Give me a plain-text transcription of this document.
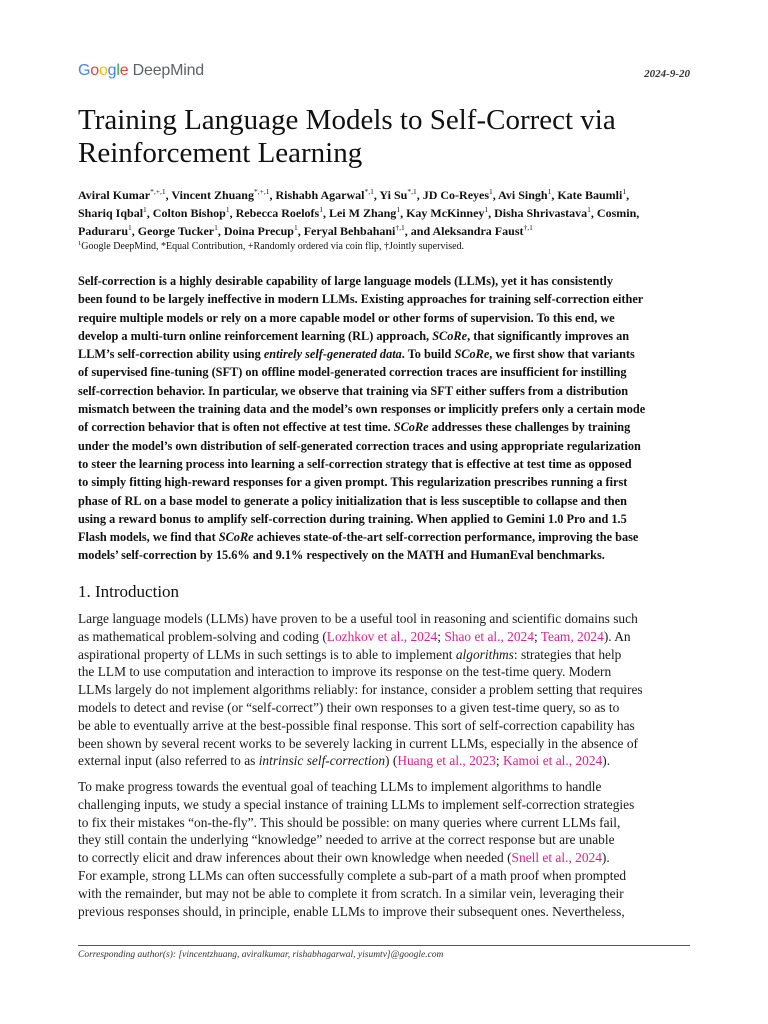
Google DeepMind	2024-9-20
Training Language Models to Self-Correct via
Reinforcement Learning
Aviral Kumar$^{*,+,1}$, Vincent Zhuang$^{*,+,1}$, Rishabh Agarwal$^{*,1}$, Yi $Su^{*,1}$, JD Co-Reyes$^1$, Avi Singh$^1$, Kate Baumli$^1$,
Shariq Iqbal$^1$, Colton Bishop$^1$, Rebecca Roelofs$^1$, Lei M Zhang$^1$, Kay McKinney$^1$, Disha Shrivastava$^1$, Cosmin,
Paduraru$^1$, George Tucker$^1$, Doina Precup$^1$, Feryal Behbahani$^{\dagger,1}$, and Aleksandra Faust$^{\dagger,1}$
$^1$Google DeepMind, *Equal Contribution, +Randomly ordered via coin flip, †Jointly supervised.
Self-correction is a highly desirable capability of large language models (LLMs), yet it has consistently
been found to be largely ineffective in modern LLMs. Existing approaches for training self-correction either
require multiple models or rely on a more capable model or other forms of supervision. To this end, we
develop a multi-turn online reinforcement learning (RL) approach, SCoRe, that significantly improves an
LLM’s self-correction ability using entirely self-generated data. To build SCoRe, we first show that variants
of supervised fine-tuning (SFT) on offline model-generated correction traces are insufficient for instilling
self-correction behavior. In particular, we observe that training via SFT either suffers from a distribution
mismatch between the training data and the model’s own responses or implicitly prefers only a certain mode
of correction behavior that is often not effective at test time. SCoRe addresses these challenges by training
under the model’s own distribution of self-generated correction traces and using appropriate regularization
to steer the learning process into learning a self-correction strategy that is effective at test time as opposed
to simply fitting high-reward responses for a given prompt. This regularization prescribes running a first
phase of RL on a base model to generate a policy initialization that is less susceptible to collapse and then
using a reward bonus to amplify self-correction during training. When applied to Gemini 1.0 Pro and 1.5
Flash models, we find that SCoRe achieves state-of-the-art self-correction performance, improving the base
models’ self-correction by 15.6% and 9.1% respectively on the MATH and HumanEval benchmarks.
1. Introduction
Large language models (LLMs) have proven to be a useful tool in reasoning and scientific domains such
as mathematical problem-solving and coding (Lozhkov et al., 2024; Shao et al., 2024; Team, 2024). An
aspirational property of LLMs in such settings is to able to implement algorithms: strategies that help
the LLM to use computation and interaction to improve its response on the test-time query. Modern
LLMs largely do not implement algorithms reliably: for instance, consider a problem setting that requires
models to detect and revise (or “self-correct”) their own responses to a given test-time query, so as to
be able to eventually arrive at the best-possible final response. This sort of self-correction capability has
been shown by several recent works to be severely lacking in current LLMs, especially in the absence of
external input (also referred to as intrinsic self-correction) (Huang et al., 2023; Kamoi et al., 2024).
To make progress towards the eventual goal of teaching LLMs to implement algorithms to handle
challenging inputs, we study a special instance of training LLMs to implement self-correction strategies
to fix their mistakes “on-the-fly”. This should be possible: on many queries where current LLMs fail,
they still contain the underlying “knowledge” needed to arrive at the correct response but are unable
to correctly elicit and draw inferences about their own knowledge when needed (Snell et al., 2024).
For example, strong LLMs can often successfully complete a sub-part of a math proof when prompted
with the remainder, but may not be able to complete it from scratch. In a similar vein, leveraging their
previous responses should, in principle, enable LLMs to improve their subsequent ones. Nevertheless,
Corresponding author(s): [vincentzhuang, aviralkumar, rishabhagarwal, yisumtv]@google.com
